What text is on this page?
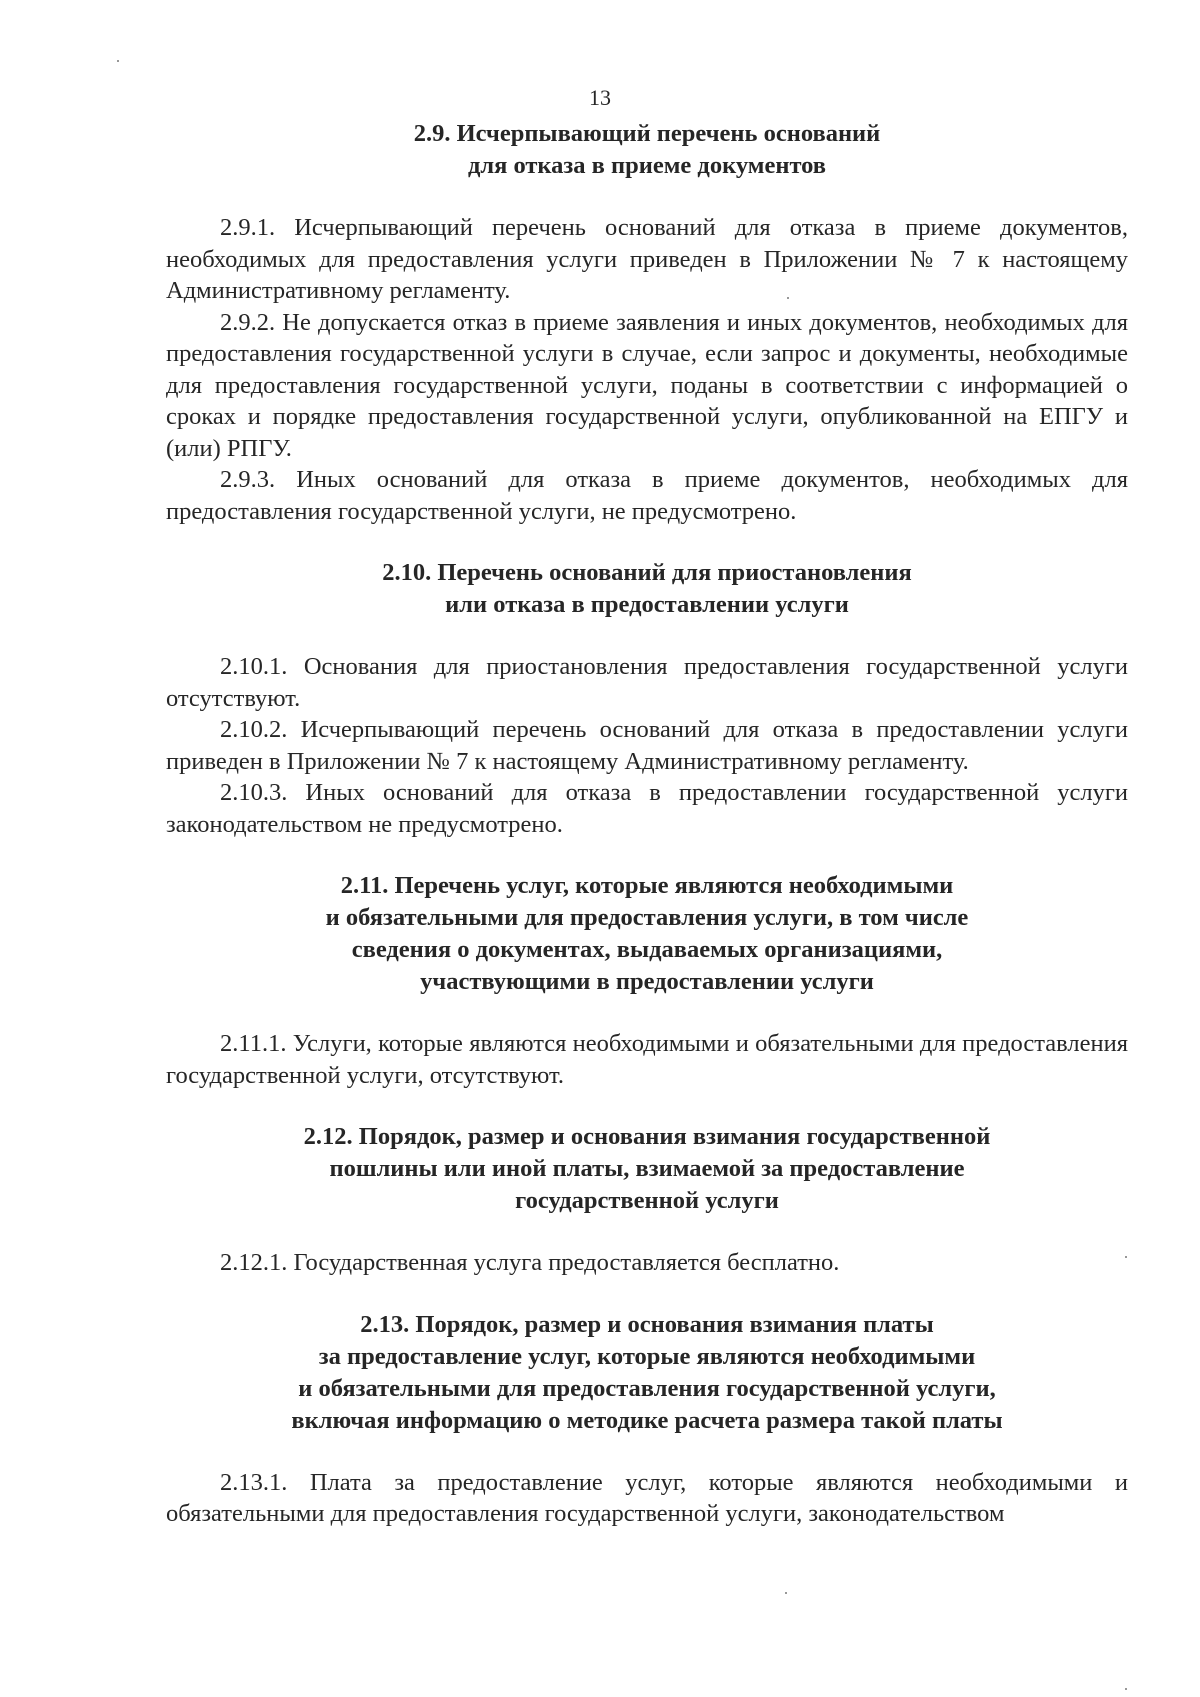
13
2.9. Исчерпывающий перечень оснований
для отказа в приеме документов

2.9.1. Исчерпывающий перечень оснований для отказа в приеме документов, необходимых для предоставления услуги приведен в Приложении № 7 к настоящему Административному регламенту.

2.9.2. Не допускается отказ в приеме заявления и иных документов, необходимых для предоставления государственной услуги в случае, если запрос и документы, необходимые для предоставления государственной услуги, поданы в соответствии с информацией о сроках и порядке предоставления государственной услуги, опубликованной на ЕПГУ и (или) РПГУ.

2.9.3. Иных оснований для отказа в приеме документов, необходимых для предоставления государственной услуги, не предусмотрено.

2.10. Перечень оснований для приостановления
или отказа в предоставлении услуги

2.10.1. Основания для приостановления предоставления государственной услуги отсутствуют.

2.10.2. Исчерпывающий перечень оснований для отказа в предоставлении услуги приведен в Приложении № 7 к настоящему Административному регламенту.

2.10.3. Иных оснований для отказа в предоставлении государственной услуги законодательством не предусмотрено.

2.11. Перечень услуг, которые являются необходимыми
и обязательными для предоставления услуги, в том числе
сведения о документах, выдаваемых организациями,
участвующими в предоставлении услуги

2.11.1. Услуги, которые являются необходимыми и обязательными для предоставления государственной услуги, отсутствуют.

2.12. Порядок, размер и основания взимания государственной
пошлины или иной платы, взимаемой за предоставление
государственной услуги

2.12.1. Государственная услуга предоставляется бесплатно.

2.13. Порядок, размер и основания взимания платы
за предоставление услуг, которые являются необходимыми
и обязательными для предоставления государственной услуги,
включая информацию о методике расчета размера такой платы

2.13.1. Плата за предоставление услуг, которые являются необходимыми и обязательными для предоставления государственной услуги, законодательством
